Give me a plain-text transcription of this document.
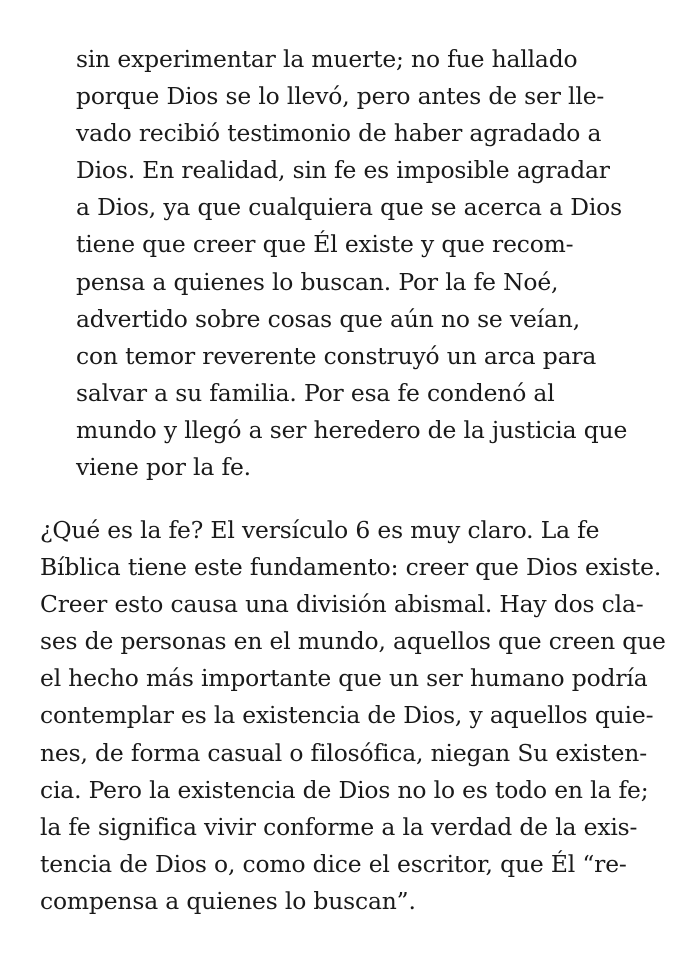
sin experimentar la muerte; no fue hallado
porque Dios se lo llevó, pero antes de ser lle-
vado recibió testimonio de haber agradado a
Dios. En realidad, sin fe es imposible agradar
a Dios, ya que cualquiera que se acerca a Dios
tiene que creer que Él existe y que recom-
pensa a quienes lo buscan. Por la fe Noé,
advertido sobre cosas que aún no se veían,
con temor reverente construyó un arca para
salvar a su familia. Por esa fe condenó al
mundo y llegó a ser heredero de la justicia que
viene por la fe.
¿Qué es la fe? El versículo 6 es muy claro. La fe
Bíblica tiene este fundamento: creer que Dios existe.
Creer esto causa una división abismal. Hay dos cla-
ses de personas en el mundo, aquellos que creen que
el hecho más importante que un ser humano podría
contemplar es la existencia de Dios, y aquellos quie-
nes, de forma casual o filosófica, niegan Su existen-
cia. Pero la existencia de Dios no lo es todo en la fe;
la fe significa vivir conforme a la verdad de la exis-
tencia de Dios o, como dice el escritor, que Él “re-
compensa a quienes lo buscan”.
